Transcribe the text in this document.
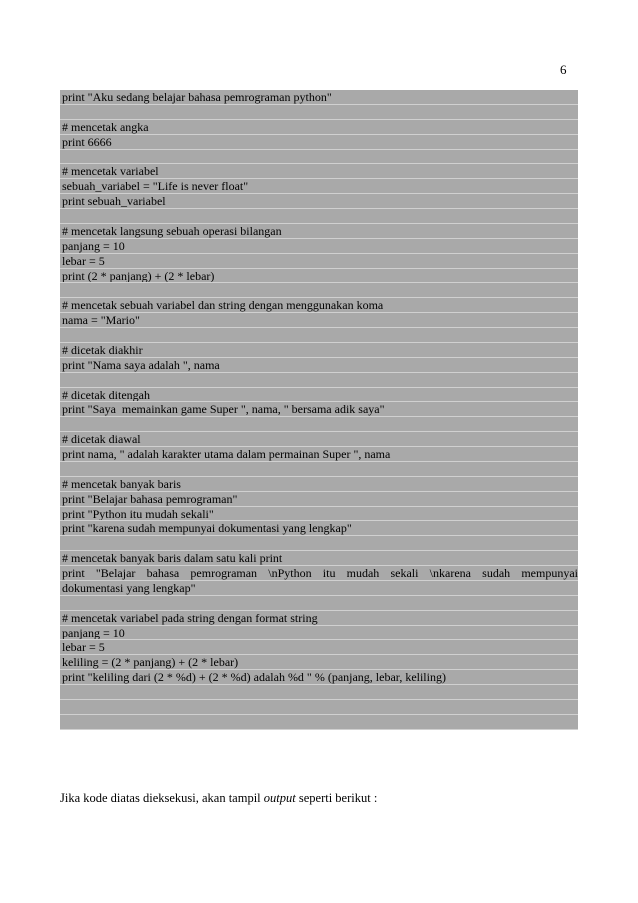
6
print "Aku sedang belajar bahasa pemrograman python"
# mencetak angka
print 6666
# mencetak variabel
sebuah_variabel = "Life is never float"
print sebuah_variabel
# mencetak langsung sebuah operasi bilangan
panjang = 10
lebar = 5
print (2 * panjang) + (2 * lebar)
# mencetak sebuah variabel dan string dengan menggunakan koma
nama = "Mario"
# dicetak diakhir
print "Nama saya adalah ", nama
# dicetak ditengah
print "Saya  memainkan game Super ", nama, " bersama adik saya"
# dicetak diawal
print nama, " adalah karakter utama dalam permainan Super ", nama
# mencetak banyak baris
print "Belajar bahasa pemrograman"
print "Python itu mudah sekali"
print "karena sudah mempunyai dokumentasi yang lengkap"
# mencetak banyak baris dalam satu kali print
print "Belajar bahasa pemrograman \nPython itu mudah sekali \nkarena sudah mempunyai
dokumentasi yang lengkap"
# mencetak variabel pada string dengan format string
panjang = 10
lebar = 5
keliling = (2 * panjang) + (2 * lebar)
print "keliling dari (2 * %d) + (2 * %d) adalah %d " % (panjang, lebar, keliling)
Jika kode diatas dieksekusi, akan tampil output seperti berikut :
